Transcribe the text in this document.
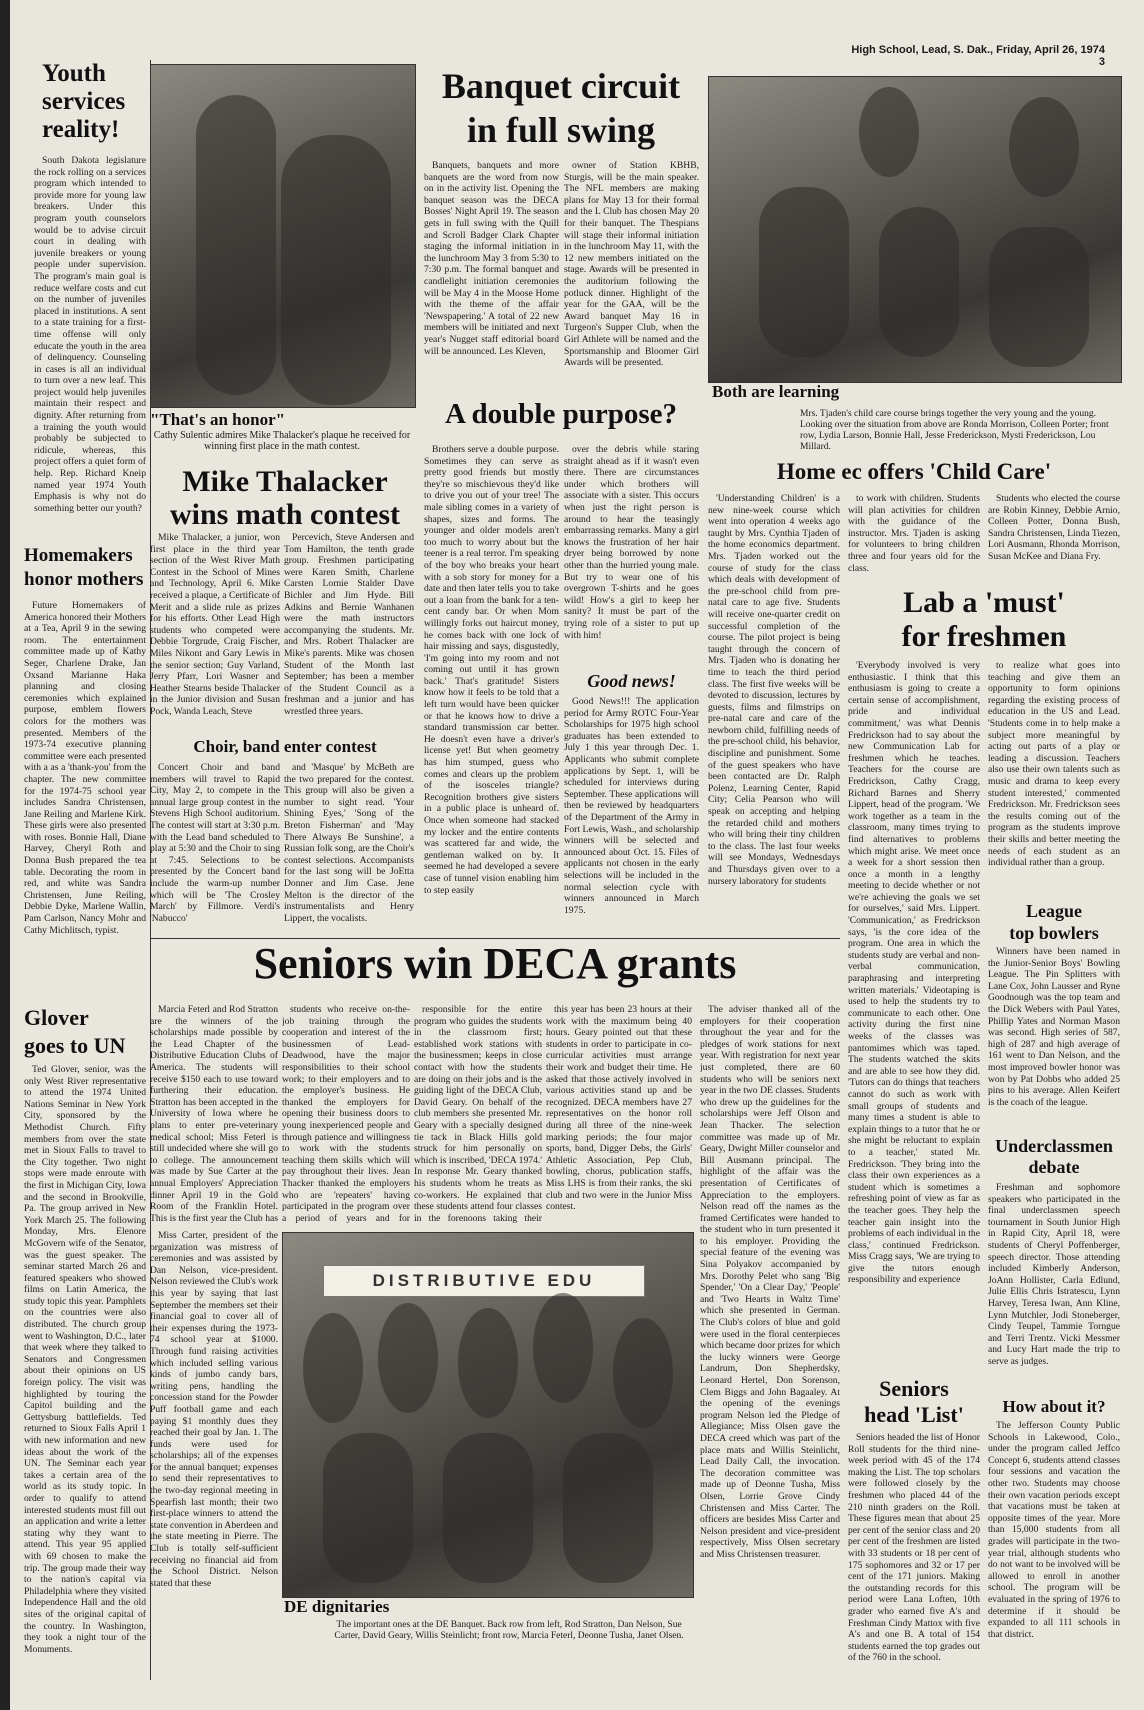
High School, Lead, S. Dak., Friday, April 26, 1974 3
Youth
services
reality!

South Dakota legislature the rock rolling on a services program which intended to provide more for young law breakers. Under this program youth counselors would be to advise circuit court in dealing with juvenile breakers or young people under supervision. The program's main goal is reduce welfare costs and cut on the number of juveniles placed in institutions. A sent to a state training for a first-time offense will only educate the youth in the area of delinquency. Counseling in cases is all an individual to turn over a new leaf. This project would help juveniles maintain their respect and dignity. After returning from a training the youth would probably be subjected to ridicule, whereas, this project offers a quiet form of help. Rep. Richard Kneip named year 1974 Youth Emphasis is why not do something better our youth?

Homemakers
honor mothers

Future Homemakers of America honored their Mothers at a Tea, April 9 in the sewing room. The entertainment committee made up of Kathy Seger, Charlene Drake, Jan Oxsand Marianne Haka planning and closing ceremonies which explained purpose, emblem flowers colors for the mothers was presented. Members of the 1973-74 executive planning committee were each presented with a as a 'thank-you' from the chapter. The new committee for the 1974-75 school year includes Sandra Christensen, Jane Reiling and Marlene Kirk. These girls were also presented with roses. Bonnie Hall, Diane Harvey, Cheryl Roth and Donna Bush prepared the tea table. Decorating the room in red, and white was Sandra Christensen, June Reiling, Debbie Dyke, Marlene Wallin, Pam Carlson, Nancy Mohr and Cathy Michlitsch, typist.

Glover
goes to UN

Ted Glover, senior, was the only West River representative to attend the 1974 United Nations Seminar in New York City, sponsored by the Methodist Church. Fifty members from over the state met in Sioux Falls to travel to the City together. Two night stops were made enroute with the first in Michigan City, Iowa and the second in Brookville, Pa. The group arrived in New York March 25. The following Monday, Mrs. Elenore McGovern wife of the Senator, was the guest speaker. The seminar started March 26 and featured speakers who showed films on Latin America, the study topic this year. Pamphlets on the countries were also distributed. The church group went to Washington, D.C., later that week where they talked to Senators and Congressmen about their opinions on US foreign policy. The visit was highlighted by touring the Capitol building and the Gettysburg battlefields. Ted returned to Sioux Falls April 1 with new information and new ideas about the work of the UN. The Seminar each year takes a certain area of the world as its study topic. In order to qualify to attend interested students must fill out an application and write a letter stating why they want to attend. This year 95 applied with 69 chosen to make the trip. The group made their way to the nation's capital via Philadelphia where they visited Independence Hall and the old sites of the original capital of the country. In Washington, they took a night tour of the Monuments.

"That's an honor"
Cathy Sulentic admires Mike Thalacker's plaque he received for winning first place in the math contest.
Mike Thalacker
wins math contest

Mike Thalacker, a junior, won first place in the third year section of the West River Math Contest in the School of Mines and Technology, April 6. Mike received a plaque, a Certificate of Merit and a slide rule as prizes for his efforts. Other Lead High students who competed were Debbie Torgrude, Craig Fischer, Miles Nikont and Gary Lewis in the senior section; Guy Varland, Jerry Pfarr, Lori Wasner and Heather Stearns beside Thalacker in the Junior division and Susan Pock, Wanda Leach, Steve

Percevich, Steve Andersen and Tom Hamilton, the tenth grade group. Freshmen participating were Karen Smith, Charlene Carsten Lornie Stalder Dave Bichler and Jim Hyde. Bill Adkins and Bernie Wanhanen were the math instructors accompanying the students. Mr. and Mrs. Robert Thalacker are Mike's parents. Mike was chosen Student of the Month last September; has been a member of the Student Council as a freshman and a junior and has wrestled three years.

Choir, band enter contest

Concert Choir and band members will travel to Rapid City, May 2, to compete in the annual large group contest in the Stevens High School auditorium. The contest will start at 3:30 p.m. with the Lead band scheduled to play at 5:30 and the Choir to sing at 7:45. Selections to be presented by the Concert band include the warm-up number which will be 'The Crosley March' by Fillmore. Verdi's 'Nabucco'

and 'Masque' by McBeth are the two prepared for the contest. This group will also be given a number to sight read. 'Your Shining Eyes,' 'Song of the Breton Fisherman' and 'May There Always Be Sunshine', a Russian folk song, are the Choir's contest selections. Accompanists for the last song will be JoEtta Donner and Jim Case. Jene Melton is the director of the instrumentalists and Henry Lippert, the vocalists.

Banquet circuit
in full swing

Banquets, banquets and more banquets are the word from now on in the activity list. Opening the banquet season was the DECA Bosses' Night April 19. The season gets in full swing with the Quill and Scroll Badger Clark Chapter staging the informal initiation in the lunchroom May 3 from 5:30 to 7:30 p.m. The formal banquet and candlelight initiation ceremonies will be May 4 in the Moose Home with the theme of the affair 'Newspapering.' A total of 22 new members will be initiated and next year's Nugget staff editorial board will be announced. Les Kleven,

owner of Station KBHB, Sturgis, will be the main speaker. The NFL members are making plans for May 13 for their formal and the L Club has chosen May 20 for their banquet. The Thespians will stage their informal initiation in the lunchroom May 11, with the 12 new members initiated on the stage. Awards will be presented in the auditorium following the potluck dinner. Highlight of the year for the GAA, will be the Award banquet May 16 in Turgeon's Supper Club, when the Girl Athlete will be named and the Sportsmanship and Bloomer Girl Awards will be presented.

A double purpose?

Brothers serve a double purpose. Sometimes they can serve as pretty good friends but mostly they're so mischievous they'd like to drive you out of your tree! The male sibling comes in a variety of shapes, sizes and forms. The younger and older models aren't too much to worry about but the teener is a real terror. I'm speaking of the boy who breaks your heart with a sob story for money for a date and then later tells you to take out a loan from the bank for a ten-cent candy bar. Or when Mom willingly forks out haircut money, he comes back with one lock of hair missing and says, disgustedly, 'I'm going into my room and not coming out until it has grown back.' That's gratitude! Sisters know how it feels to be told that a left turn would have been quicker or that he knows how to drive a standard transmission car better. He doesn't even have a driver's license yet! But when geometry has him stumped, guess who comes and clears up the problem of the isosceles triangle? Recognition brothers give sisters in a public place is unheard of. Once when someone had stacked my locker and the entire contents was scattered far and wide, the gentleman walked on by. It seemed he had developed a severe case of tunnel vision enabling him to step easily

over the debris while staring straight ahead as if it wasn't even there. There are circumstances under which brothers will associate with a sister. This occurs when just the right person is around to hear the teasingly embarrassing remarks. Many a girl knows the frustration of her hair dryer being borrowed by none other than the hurried young male. But try to wear one of his overgrown T-shirts and he goes wild! How's a girl to keep her sanity? It must be part of the trying role of a sister to put up with him!

Good news!

Good News!!! The application period for Army ROTC Four-Year Scholarships for 1975 high school graduates has been extended to July 1 this year through Dec. 1. Applicants who submit complete applications by Sept. 1, will be scheduled for interviews during September. These applications will then be reviewed by headquarters of the Department of the Army in Fort Lewis, Wash., and scholarship winners will be selected and announced about Oct. 15. Files of applicants not chosen in the early selections will be included in the normal selection cycle with winners announced in March 1975.

Both are learning
Mrs. Tjaden's child care course brings together the very young and the young. Looking over the situation from above are Ronda Morrison, Colleen Porter; front row, Lydia Larson, Bonnie Hall, Jesse Frederickson, Mysti Frederickson, Lou Millard.
Home ec offers 'Child Care'

'Understanding Children' is a new nine-week course which went into operation 4 weeks ago taught by Mrs. Cynthia Tjaden of the home economics department. Mrs. Tjaden worked out the course of study for the class which deals with development of the pre-school child from pre-natal care to age five. Students will receive one-quarter credit on successful completion of the course. The pilot project is being taught through the concern of Mrs. Tjaden who is donating her time to teach the third period class. The first five weeks will be devoted to discussion, lectures by guests, films and filmstrips on pre-natal care and care of the newborn child, fulfilling needs of the pre-school child, his behavior, discipline and punishment. Some of the guest speakers who have been contacted are Dr. Ralph Polenz, Learning Center, Rapid City; Celia Pearson who will speak on accepting and helping the retarded child and mothers who will bring their tiny children to the class. The last four weeks will see Mondays, Wednesdays and Thursdays given over to a nursery laboratory for students

to work with children. Students will plan activities for children with the guidance of the instructor. Mrs. Tjaden is asking for volunteers to bring children three and four years old for the class.

Students who elected the course are Robin Kinney, Debbie Arnio, Colleen Potter, Donna Bush, Sandra Christensen, Linda Tiezen, Lori Ausmann, Rhonda Morrison, Susan McKee and Diana Fry.

Lab a 'must'
for freshmen

'Everybody involved is very enthusiastic. I think that this enthusiasm is going to create a certain sense of accomplishment, pride and individual commitment,' was what Dennis Fredrickson had to say about the new Communication Lab for freshmen which he teaches. Teachers for the course are Fredrickson, Cathy Cragg, Richard Barnes and Sherry Lippert, head of the program. 'We work together as a team in the classroom, many times trying to find alternatives to problems which might arise. We meet once a week for a short session then once a month in a lengthy meeting to decide whether or not we're achieving the goals we set for ourselves,' said Mrs. Lippert. 'Communication,' as Fredrickson says, 'is the core idea of the program. One area in which the students study are verbal and non-verbal communication, paraphrasing and interpreting written materials.' Videotaping is used to help the students try to communicate to each other. One activity during the first nine weeks of the classes was pantomimes which was taped. The students watched the skits and are able to see how they did. 'Tutors can do things that teachers cannot do such as work with small groups of students and many times a student is able to explain things to a tutor that he or she might be reluctant to explain to a teacher,' stated Mr. Fredrickson. 'They bring into the class their own experiences as a student which is sometimes a refreshing point of view as far as the teacher goes. They help the teacher gain insight into the problems of each individual in the class,' continued Fredrickson. Miss Cragg says, 'We are trying to give the tutors enough responsibility and experience

to realize what goes into teaching and give them an opportunity to form opinions regarding the existing process of education in the US and Lead. 'Students come in to help make a subject more meaningful by acting out parts of a play or leading a discussion. Teachers also use their own talents such as music and drama to keep every student interested,' commented Fredrickson. Mr. Fredrickson sees the results coming out of the program as the students improve their skills and better meeting the needs of each student as an individual rather than a group.

League
top bowlers

Winners have been named in the Junior-Senior Boys' Bowling League. The Pin Splitters with Lane Cox, John Lausser and Ryne Goodnough was the top team and the Dick Webers with Paul Yates, Phillip Yates and Norman Mason was second. High series of 587, high of 287 and high average of 161 went to Dan Nelson, and the most improved bowler honor was won by Pat Dobbs who added 25 pins to his average. Allen Keifert is the coach of the league.

Underclassmen
debate

Freshman and sophomore speakers who participated in the final underclassmen speech tournament in South Junior High in Rapid City, April 18, were students of Cheryl Poffenberger, speech director. Those attending included Kimberly Anderson, JoAnn Hollister, Carla Edlund, Julie Ellis Chris Istratescu, Lynn Harvey, Teresa Iwan, Ann Kline, Lynn Mutchler, Jodi Stoneberger, Cindy Teupel, Tammie Torngue and Terri Trentz. Vicki Messmer and Lucy Hart made the trip to serve as judges.

How about it?

The Jefferson County Public Schools in Lakewood, Colo., under the program called Jeffco Concept 6, students attend classes four sessions and vacation the other two. Students may choose their own vacation periods except that vacations must be taken at opposite times of the year. More than 15,000 students from all grades will participate in the two-year trial, although students who do not want to be involved will be allowed to enroll in another school. The program will be evaluated in the spring of 1976 to determine if it should be expanded to all 111 schools in that district.

Seniors
head 'List'

Seniors headed the list of Honor Roll students for the third nine-week period with 45 of the 174 making the List. The top scholars were followed closely by the freshmen who placed 44 of the 210 ninth graders on the Roll. These figures mean that about 25 per cent of the senior class and 20 per cent of the freshmen are listed with 33 students or 18 per cent of 175 sophomores and 32 or 17 per cent of the 171 juniors. Making the outstanding records for this period were Lana Loften, 10th grader who earned five A's and Freshman Cindy Mattox with five A's and one B. A total of 154 students earned the top grades out of the 760 in the school.

Seniors win DECA grants

Marcia Feterl and Rod Stratton are the winners of the scholarships made possible by the Lead Chapter of the Distributive Education Clubs of America. The students will receive $150 each to use toward furthering their education. Stratton has been accepted in the University of Iowa where he plans to enter pre-veterinary medical school; Miss Feterl is still undecided where she will go to college. The announcement was made by Sue Carter at the annual Employers' Appreciation dinner April 19 in the Gold Room of the Franklin Hotel. This is the first year the Club has

students who receive on-the-job training through the cooperation and interest of the businessmen of Lead-Deadwood, have the major responsibilities to their school work; to their employers and to the employer's business. He thanked the employers for opening their business doors to young inexperienced people and through patience and willingness to work with the students teaching them skills which will pay throughout their lives. Jean Thacker thanked the employers who are 'repeaters' having participated in the program over a period of years and for

responsible for the entire program who guides the students in the classroom first; established work stations with the businessmen; keeps in close contact with how the students are doing on their jobs and is the guiding light of the DECA Club, David Geary. On behalf of the club members she presented Mr. Geary with a specially designed tie tack in Black Hills gold struck for him personally on which is inscribed, 'DECA 1974.' In response Mr. Geary thanked his students whom he treats as co-workers. He explained that these students attend four classes in the forenoons taking their

this year has been 23 hours at their work with the maximum being 40 hours. Geary pointed out that these students in order to participate in co-curricular activities must arrange their work and budget their time. He asked that those actively involved in various activities stand up and be recognized. DECA members have 27 representatives on the honor roll during all three of the nine-week marking periods; the four major sports, band, Digger Debs, the Girls' Athletic Association, Pep Club, bowling, chorus, publication staffs, Miss LHS is from their ranks, the ski club and two were in the Junior Miss contest.

The adviser thanked all of the employers for their cooperation throughout the year and for the pledges of work stations for next year. With registration for next year just completed, there are 60 students who will be seniors next year in the two DE classes. Students who drew up the guidelines for the scholarships were Jeff Olson and Jean Thacker. The selection committee was made up of Mr. Geary, Dwight Miller counselor and Bill Ausmann principal. The highlight of the affair was the presentation of Certificates of Appreciation to the employers. Nelson read off the names as the framed Certificates were handed to the student who in turn presented it to his employer. Providing the special feature of the evening was Sina Polyakov accompanied by Mrs. Dorothy Pelet who sang 'Big Spender,' 'On a Clear Day,' 'People' and 'Two Hearts in Waltz Time' which she presented in German. The Club's colors of blue and gold were used in the floral centerpieces which became door prizes for which the lucky winners were George Landrum, Don Shepherdsky, Leonard Hertel, Don Sorenson, Clem Biggs and John Bagaaley. At the opening of the evenings program Nelson led the Pledge of Allegiance; Miss Olsen gave the DECA creed which was part of the place mats and Willis Steinlicht, Lead Daily Call, the invocation. The decoration committee was made up of Deonne Tusha, Miss Olsen, Lorrie Grove Cindy Christensen and Miss Carter. The officers are besides Miss Carter and Nelson president and vice-president respectively, Miss Olsen secretary and Miss Christensen treasurer.

Miss Carter, president of the organization was mistress of ceremonies and was assisted by Dan Nelson, vice-president. Nelson reviewed the Club's work this year by saying that last September the members set their financial goal to cover all of their expenses during the 1973-74 school year at $1000. Through fund raising activities which included selling various kinds of jumbo candy bars, writing pens, handling the concession stand for the Powder Puff football game and each paying $1 monthly dues they reached their goal by Jan. 1. The funds were used for scholarships; all of the expenses for the annual banquet; expenses to send their representatives to the two-day regional meeting in Spearfish last month; their two first-place winners to attend the state convention in Aberdeen and the state meeting in Pierre. The Club is totally self-sufficient receiving no financial aid from the School District. Nelson stated that these

DISTRIBUTIVE EDU
DE dignitaries
The important ones at the DE Banquet. Back row from left, Rod Stratton, Dan Nelson, Sue Carter, David Geary, Willis Steinlicht; front row, Marcia Feterl, Deonne Tusha, Janet Olsen.
